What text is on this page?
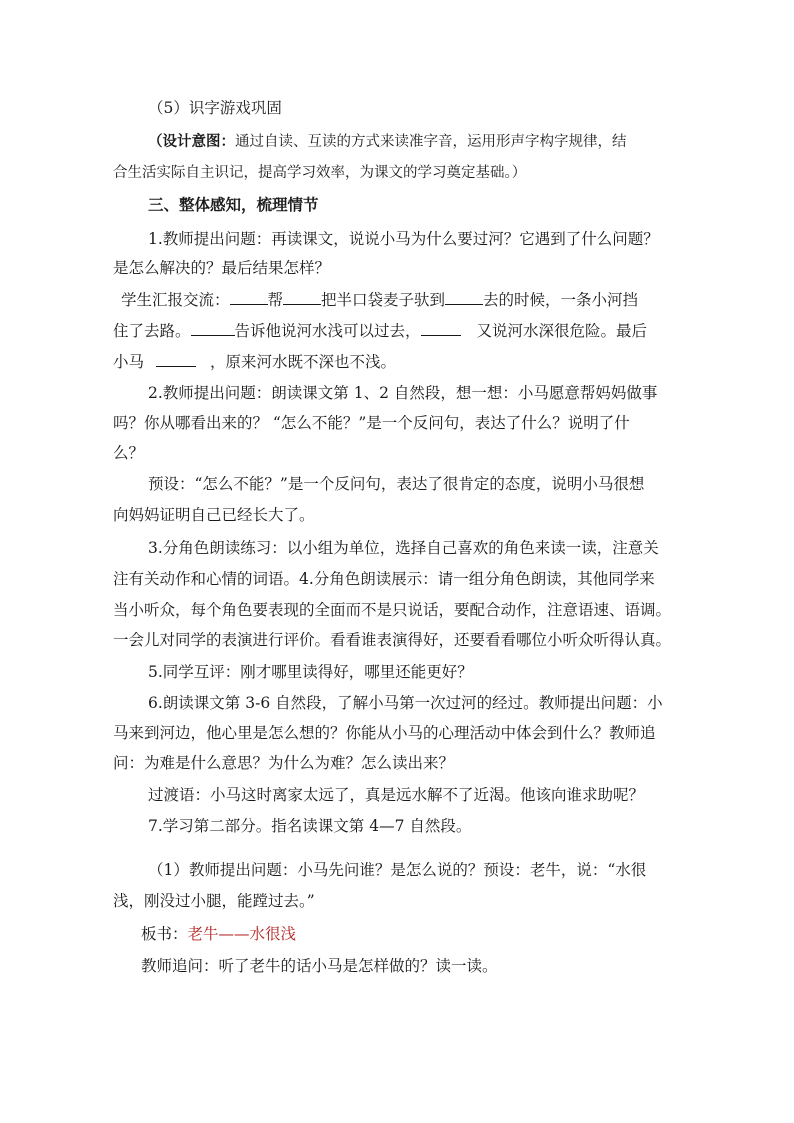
（5）识字游戏巩固
（设计意图：通过自读、互读的方式来读准字音，运用形声字构字规律，结
合生活实际自主识记，提高学习效率，为课文的学习奠定基础。）
三、整体感知，梳理情节
1.教师提出问题：再读课文，说说小马为什么要过河？它遇到了什么问题？
是怎么解决的？最后结果怎样？
学生汇报交流： 帮 把半口袋麦子驮到 去的时候，一条小河挡
住了去路。	告诉他说河水浅可以过去，	又说河水深很危险。最后
小马	，原来河水既不深也不浅。
2.教师提出问题：朗读课文第 1、2 自然段，想一想：小马愿意帮妈妈做事
吗？你从哪看出来的？ “怎么不能？”是一个反问句，表达了什么？说明了什
么？
预设：“怎么不能？”是一个反问句，表达了很肯定的态度，说明小马很想
向妈妈证明自己已经长大了。
3.分角色朗读练习：以小组为单位，选择自己喜欢的角色来读一读，注意关
注有关动作和心情的词语。4.分角色朗读展示：请一组分角色朗读，其他同学来
当小听众，每个角色要表现的全面而不是只说话，要配合动作，注意语速、语调。
一会儿对同学的表演进行评价。看看谁表演得好，还要看看哪位小听众听得认真。
5.同学互评：刚才哪里读得好，哪里还能更好？
6.朗读课文第 3-6 自然段，了解小马第一次过河的经过。教师提出问题：小
马来到河边，他心里是怎么想的？你能从小马的心理活动中体会到什么？教师追
问：为难是什么意思？为什么为难？怎么读出来？
过渡语：小马这时离家太远了，真是远水解不了近渴。他该向谁求助呢？
7.学习第二部分。指名读课文第 4—7 自然段。
（1）教师提出问题：小马先问谁？是怎么说的？预设：老牛，说：“水很
浅，刚没过小腿，能蹚过去。”
板书：老牛——水很浅
教师追问：听了老牛的话小马是怎样做的？读一读。
